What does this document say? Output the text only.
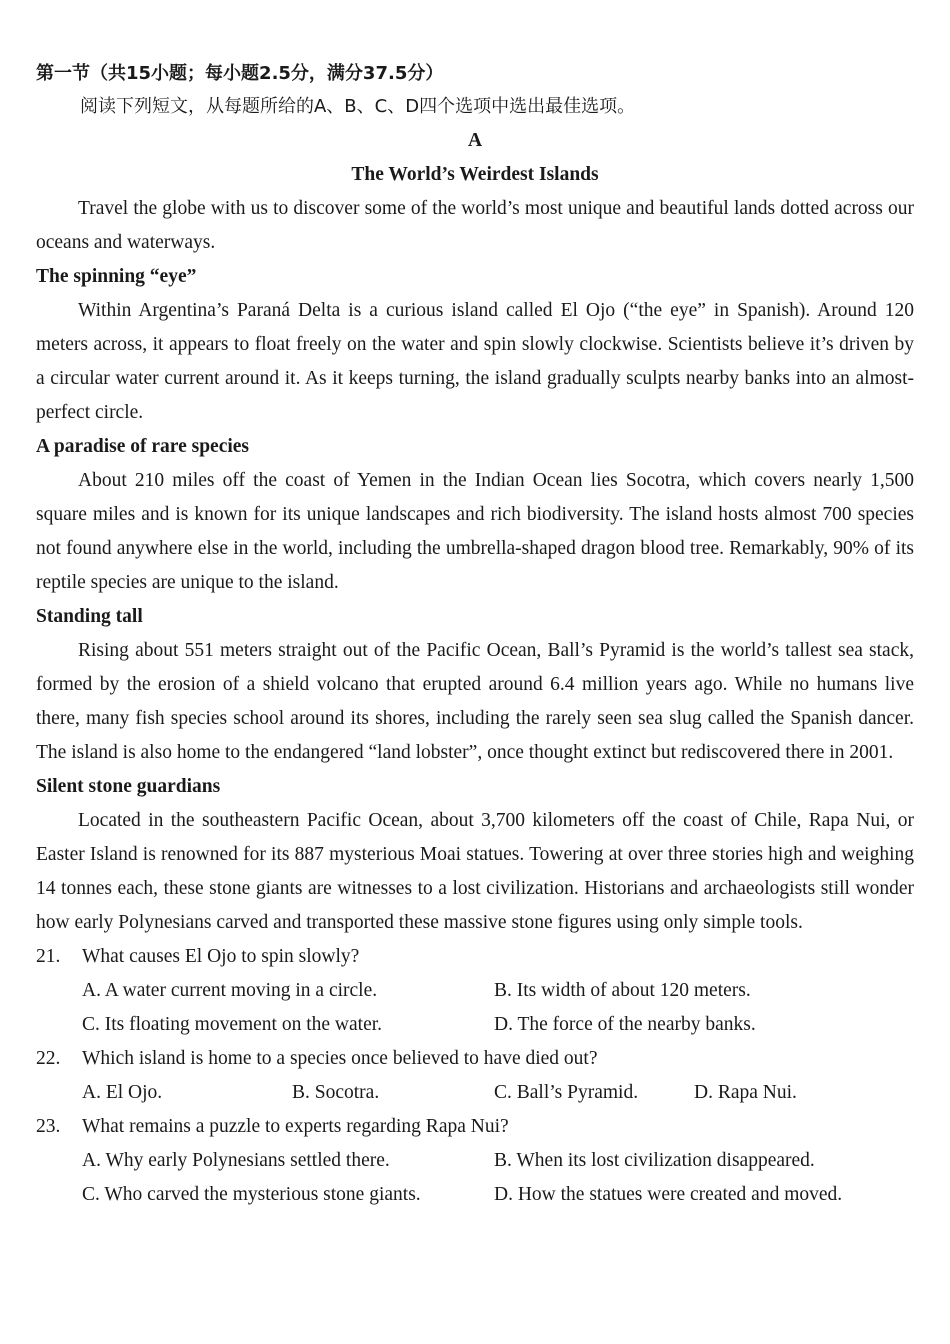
第一节（共15小题；每小题2.5分，满分37.5分）
阅读下列短文，从每题所给的A、B、C、D四个选项中选出最佳选项。
A
The World’s Weirdest Islands

Travel the globe with us to discover some of the world’s most unique and beautiful lands dotted across our oceans and waterways.

The spinning “eye”

Within Argentina’s Paraná Delta is a curious island called El Ojo (“the eye” in Spanish). Around 120 meters across, it appears to float freely on the water and spin slowly clockwise. Scientists believe it’s driven by a circular water current around it. As it keeps turning, the island gradually sculpts nearby banks into an almost-perfect circle.

A paradise of rare species

About 210 miles off the coast of Yemen in the Indian Ocean lies Socotra, which covers nearly 1,500 square miles and is known for its unique landscapes and rich biodiversity. The island hosts almost 700 species not found anywhere else in the world, including the umbrella-shaped dragon blood tree. Remarkably, 90% of its reptile species are unique to the island.

Standing tall

Rising about 551 meters straight out of the Pacific Ocean, Ball’s Pyramid is the world’s tallest sea stack, formed by the erosion of a shield volcano that erupted around 6.4 million years ago. While no humans live there, many fish species school around its shores, including the rarely seen sea slug called the Spanish dancer. The island is also home to the endangered “land lobster”, once thought extinct but rediscovered there in 2001.

Silent stone guardians

Located in the southeastern Pacific Ocean, about 3,700 kilometers off the coast of Chile, Rapa Nui, or Easter Island is renowned for its 887 mysterious Moai statues. Towering at over three stories high and weighing 14 tonnes each, these stone giants are witnesses to a lost civilization. Historians and archaeologists still wonder how early Polynesians carved and transported these massive stone figures using only simple tools.

21.	What causes El Ojo to spin slowly?
A. A water current moving in a circle.	B. Its width of about 120 meters.
C. Its floating movement on the water.	D. The force of the nearby banks.
22.	Which island is home to a species once believed to have died out?
A. El Ojo.	B. Socotra.	C. Ball’s Pyramid.	D. Rapa Nui.
23.	What remains a puzzle to experts regarding Rapa Nui?
A. Why early Polynesians settled there.	B. When its lost civilization disappeared.
C. Who carved the mysterious stone giants.	D. How the statues were created and moved.
